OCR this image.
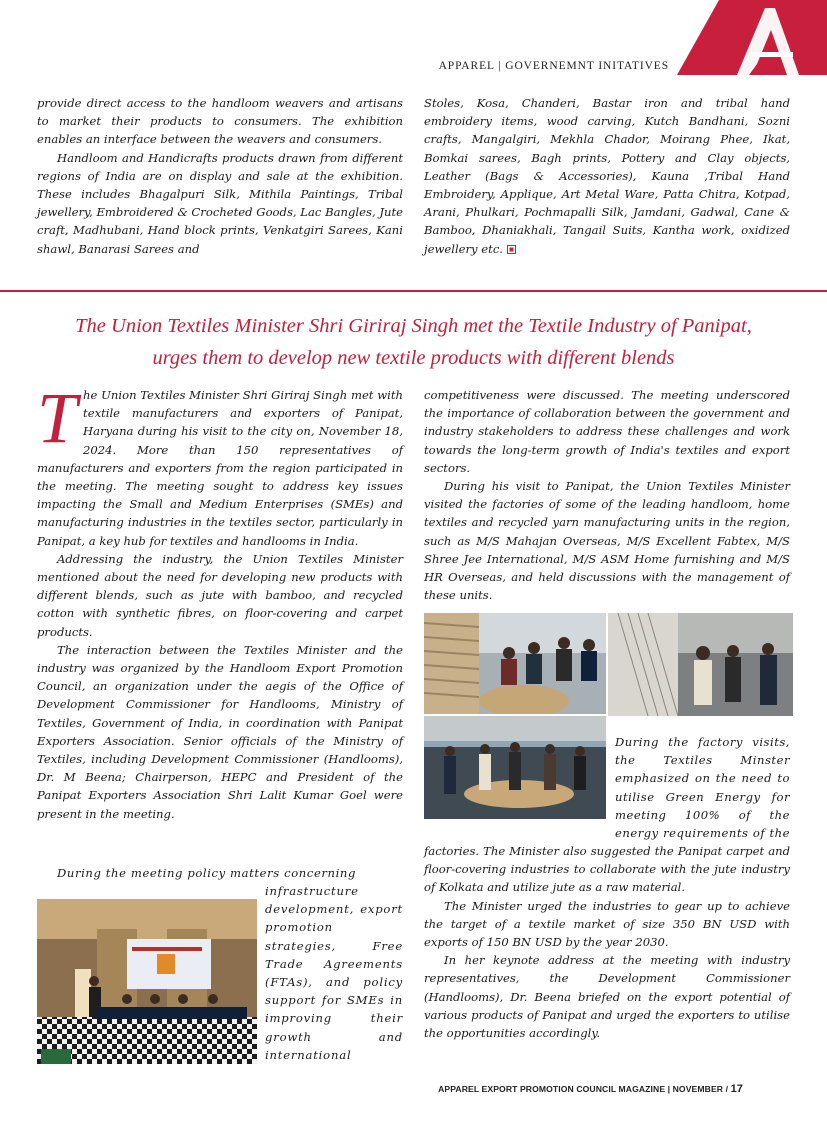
APPAREL | GOVERNEMNT INITATIVES

provide direct access to the handloom weavers and artisans to market their products to consumers. The exhibition enables an interface between the weavers and consumers.

Handloom and Handicrafts products drawn from different regions of India are on display and sale at the exhibition. These includes Bhagalpuri Silk, Mithila Paintings, Tribal jewellery, Embroidered & Crocheted Goods, Lac Bangles, Jute craft, Madhubani, Hand block prints, Venkatgiri Sarees, Kani shawl, Banarasi Sarees and

Stoles, Kosa, Chanderi, Bastar iron and tribal hand embroidery items, wood carving, Kutch Bandhani, Sozni crafts, Mangalgiri, Mekhla Chador, Moirang Phee, Ikat, Bomkai sarees, Bagh prints, Pottery and Clay objects, Leather (Bags & Accessories), Kauna ,Tribal Hand Embroidery, Applique, Art Metal Ware, Patta Chitra, Kotpad, Arani, Phulkari, Pochmapalli Silk, Jamdani, Gadwal, Cane & Bamboo, Dhaniakhali, Tangail Suits, Kantha work, oxidized jewellery etc.

The Union Textiles Minister Shri Giriraj Singh met the Textile Industry of Panipat,
urges them to develop new textile products with different blends

The Union Textiles Minister Shri Giriraj Singh met with textile manufacturers and exporters of Panipat, Haryana during his visit to the city on, November 18, 2024. More than 150 representatives of manufacturers and exporters from the region participated in the meeting. The meeting sought to address key issues impacting the Small and Medium Enterprises (SMEs) and manufacturing industries in the textiles sector, particularly in Panipat, a key hub for textiles and handlooms in India.

Addressing the industry, the Union Textiles Minister mentioned about the need for developing new products with different blends, such as jute with bamboo, and recycled cotton with synthetic fibres, on floor-covering and carpet products.

The interaction between the Textiles Minister and the industry was organized by the Handloom Export Promotion Council, an organization under the aegis of the Office of Development Commissioner for Handlooms, Ministry of Textiles, Government of India, in coordination with Panipat Exporters Association. Senior officials of the Ministry of Textiles, including Development Commissioner (Handlooms), Dr. M Beena; Chairperson, HEPC and President of the Panipat Exporters Association Shri Lalit Kumar Goel were present in the meeting.

During the meeting policy matters concerning

infrastructure development, export promotion strategies, Free Trade Agreements (FTAs), and policy support for SMEs in improving their growth and international

competitiveness were discussed. The meeting underscored the importance of collaboration between the government and industry stakeholders to address these challenges and work towards the long-term growth of India's textiles and export sectors.

During his visit to Panipat, the Union Textiles Minister visited the factories of some of the leading handloom, home textiles and recycled yarn manufacturing units in the region, such as M/S Mahajan Overseas, M/S Excellent Fabtex, M/S Shree Jee International, M/S ASM Home furnishing and M/S HR Overseas, and held discussions with the management of these units.

During the factory visits, the Textiles Minster emphasized on the need to utilise Green Energy for meeting 100% of the energy requirements of the

factories. The Minister also suggested the Panipat carpet and floor-covering industries to collaborate with the jute industry of Kolkata and utilize jute as a raw material.

The Minister urged the industries to gear up to achieve the target of a textile market of size 350 BN USD with exports of 150 BN USD by the year 2030.

In her keynote address at the meeting with industry representatives, the Development Commissioner (Handlooms), Dr. Beena briefed on the export potential of various products of Panipat and urged the exporters to utilise the opportunities accordingly.

APPAREL EXPORT PROMOTION COUNCIL MAGAZINE | NOVEMBER / 17
